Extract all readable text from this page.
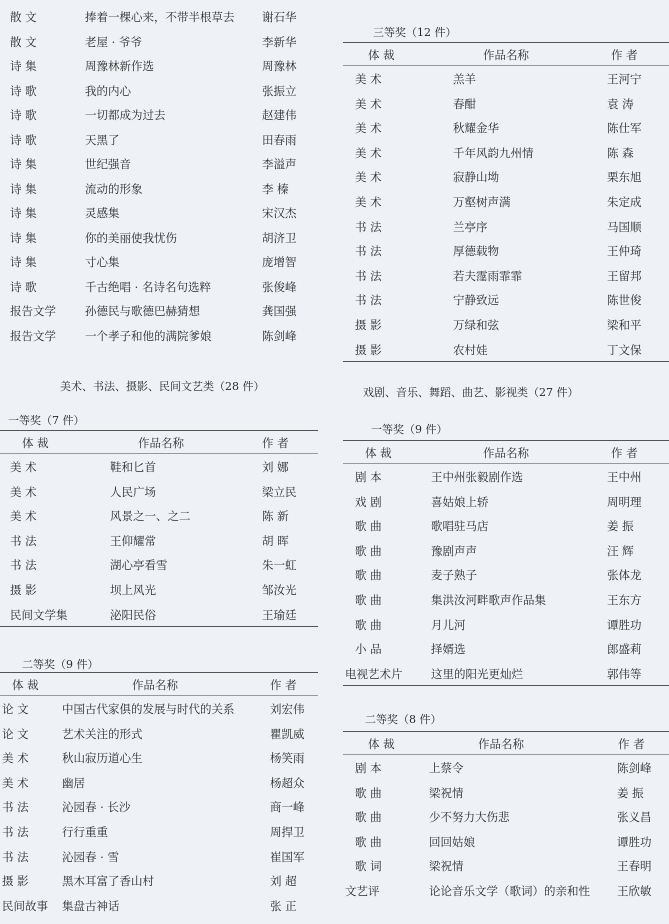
散 文	捧着一棵心来，不带半根草去 谢石华
散 文	老屋 · 爷爷	李新华
诗 集	周豫林新作选	周豫林
诗 歌	我的内心	张振立
诗 歌	一切都成为过去	赵建伟
诗 歌	天黑了	田春雨
诗 集	世纪强音	李溢声
诗 集	流动的形象	李 榛
诗 集	灵感集	宋汉杰
诗 集	你的美丽使我忧伤	胡济卫
诗 集	寸心集	庞增智
诗 歌	千古绝唱 · 名诗名句选粹	张俊峰
报告文学	孙德民与歌德巴赫猜想	龚国强
报告文学	一个孝子和他的满院爹娘	陈剑峰
美术、书法、摄影、民间文艺类（28 件）
一等奖（7 件）
体 裁	作品名称	作 者
美 术	鞋和匕首	刘 娜
美 术	人民广场	梁立民
美 术	风景之一、之二	陈 新
书 法	王仰耀常	胡 晖
书 法	湖心亭看雪	朱一虹
摄 影	坝上风光	邹汝光
民间文学集	泌阳民俗	王瑜廷
二等奖（9 件）
体 裁	作品名称	作 者
论 文	中国古代家俱的发展与时代的关系	刘宏伟
论 文	艺术关注的形式	瞿凯威
美 术	秋山寂历道心生	杨笑雨
美 术	幽居	杨超众
书 法	沁园春 · 长沙	商一峰
书 法	行行重重	周捍卫
书 法	沁园春 · 雪	崔国军
摄 影	黑木耳富了香山村	刘 超
民间故事 集盘古神话	张 正
三等奖（12 件）
体 裁	作品名称	作 者
美 术	羔羊	王河宁
美 术	春酣	袁 涛
美 术	秋耀金华	陈仕军
美 术	千年风韵九州情	陈 森
美 术	寂静山坳	栗东旭
美 术	万壑树声满	朱定成
书 法	兰亭序	马国顺
书 法	厚德载物	王仲琦
书 法	若夫霪雨霏霏	王留邦
书 法	宁静致远	陈世俊
摄 影	万绿和弦	梁和平
摄 影	农村娃	丁文保
戏剧、音乐、舞蹈、曲艺、影视类（27 件）
一等奖（9 件）
体 裁	作品名称	作 者
剧 本	王中州张毅剧作选	王中州
戏 剧	喜姑娘上轿	周明理
歌 曲	歌唱驻马店	姜 振
歌 曲	豫剧声声	汪 辉
歌 曲	麦子熟子	张体龙
歌 曲	集洪汝河畔歌声作品集	王东方
歌 曲	月儿河	谭胜功
小 品	择婿选	郎盛莉
电视艺术片 这里的阳光更灿烂	郭伟等
二等奖（8 件）
体 裁	作品名称	作 者
剧 本	上蔡令	陈剑峰
歌 曲	梁祝情	姜 振
歌 曲	少不努力大伤悲	张义昌
歌 曲	回回姑娘	谭胜功
歌 词	梁祝情	王春明
文艺评	论论音乐文学（歌词）的亲和性 王欣敏
